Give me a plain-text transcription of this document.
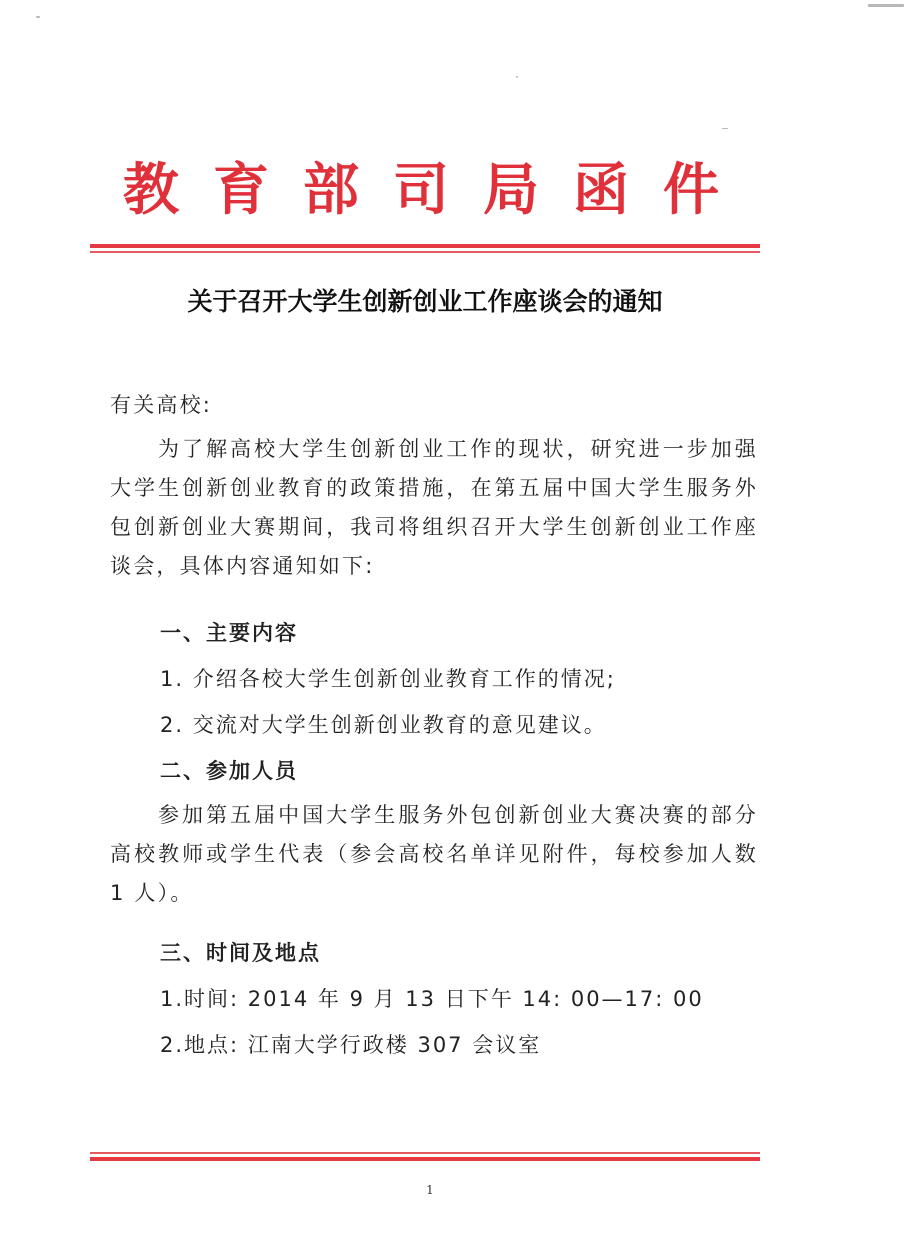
教育部司局函件
关于召开大学生创新创业工作座谈会的通知
有关高校:
为了解高校大学生创新创业工作的现状，研究进一步加强大学生创新创业教育的政策措施，在第五届中国大学生服务外包创新创业大赛期间，我司将组织召开大学生创新创业工作座谈会，具体内容通知如下:
一、主要内容
1. 介绍各校大学生创新创业教育工作的情况;
2. 交流对大学生创新创业教育的意见建议。
二、参加人员
参加第五届中国大学生服务外包创新创业大赛决赛的部分高校教师或学生代表（参会高校名单详见附件，每校参加人数 1 人）。
三、时间及地点
1.时间: 2014 年 9 月 13 日下午 14: 00—17: 00
2.地点: 江南大学行政楼 307 会议室
1
